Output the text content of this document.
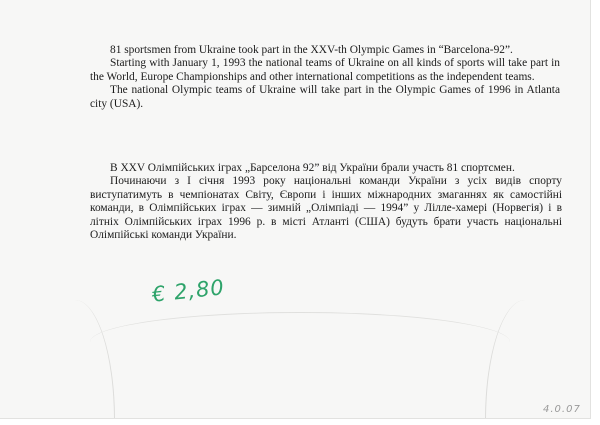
81 sportsmen from Ukraine took part in the XXV-th Olympic Games in “Barcelona-92”.

Starting with January 1, 1993 the national teams of Ukraine on all kinds of sports will take part in the World, Europe Championships and other international competitions as the independent teams.

The national Olympic teams of Ukraine will take part in the Olympic Games of 1996 in Atlanta city (USA).

В XXV Олімпійських іграх „Барселона 92” від України брали участь 81 спортсмен.

Починаючи з I січня 1993 року національні команди України з усіх видів спорту виступатимуть в чемпіонатах Світу, Європи і інших міжнародних змаганнях як самостійні команди, в Олімпійських іграх — зимній „Олімпіаді — 1994” у Лілле-хамері (Норвегія) і в літніх Олімпійських іграх 1996 р. в місті Атланті (США) будуть брати участь національні Олімпійські команди України.

€ 2,80
4.0.07
